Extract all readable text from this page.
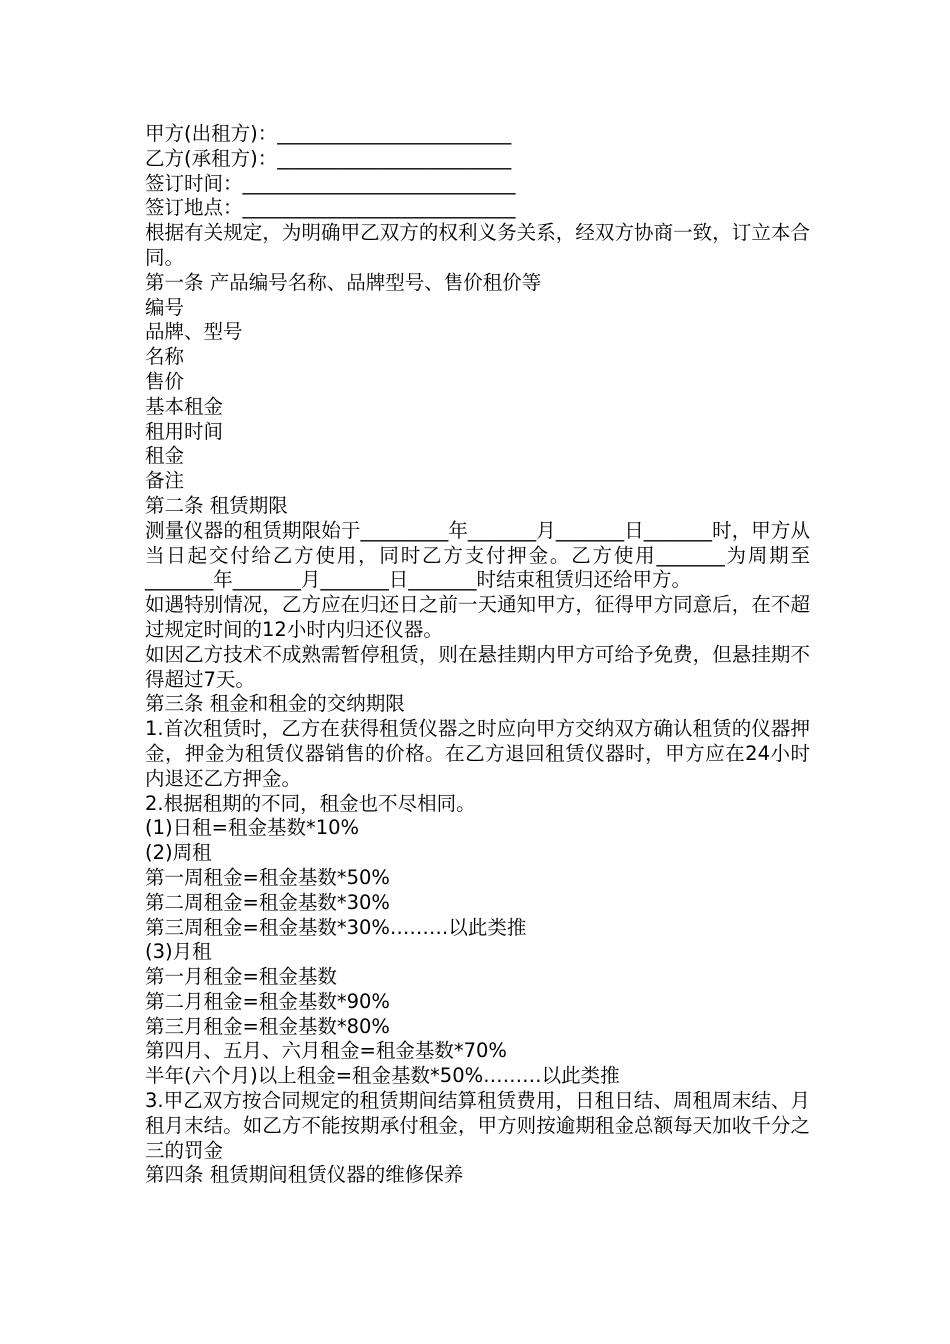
甲方(出租方)：________________________
乙方(承租方)：________________________
签订时间：____________________________
签订地点：____________________________
根据有关规定，为明确甲乙双方的权利义务关系，经双方协商一致，订立本合同。
第一条 产品编号名称、品牌型号、售价租价等
编号
品牌、型号
名称
售价
基本租金
租用时间
租金
备注
第二条 租赁期限
测量仪器的租赁期限始于_________年_______月_______日_______时，甲方从当日起交付给乙方使用，同时乙方支付押金。乙方使用_______为周期至_______年_______月_______日_______时结束租赁归还给甲方。
如遇特别情况，乙方应在归还日之前一天通知甲方，征得甲方同意后，在不超过规定时间的12小时内归还仪器。
如因乙方技术不成熟需暂停租赁，则在悬挂期内甲方可给予免费，但悬挂期不得超过7天。
第三条 租金和租金的交纳期限
1.首次租赁时，乙方在获得租赁仪器之时应向甲方交纳双方确认租赁的仪器押金，押金为租赁仪器销售的价格。在乙方退回租赁仪器时，甲方应在24小时内退还乙方押金。
2.根据租期的不同，租金也不尽相同。
(1)日租=租金基数*10%
(2)周租
第一周租金=租金基数*50%
第二周租金=租金基数*30%
第三周租金=租金基数*30%………以此类推
(3)月租
第一月租金=租金基数
第二月租金=租金基数*90%
第三月租金=租金基数*80%
第四月、五月、六月租金=租金基数*70%
半年(六个月)以上租金=租金基数*50%………以此类推
3.甲乙双方按合同规定的租赁期间结算租赁费用，日租日结、周租周末结、月租月末结。如乙方不能按期承付租金，甲方则按逾期租金总额每天加收千分之三的罚金
第四条 租赁期间租赁仪器的维修保养
